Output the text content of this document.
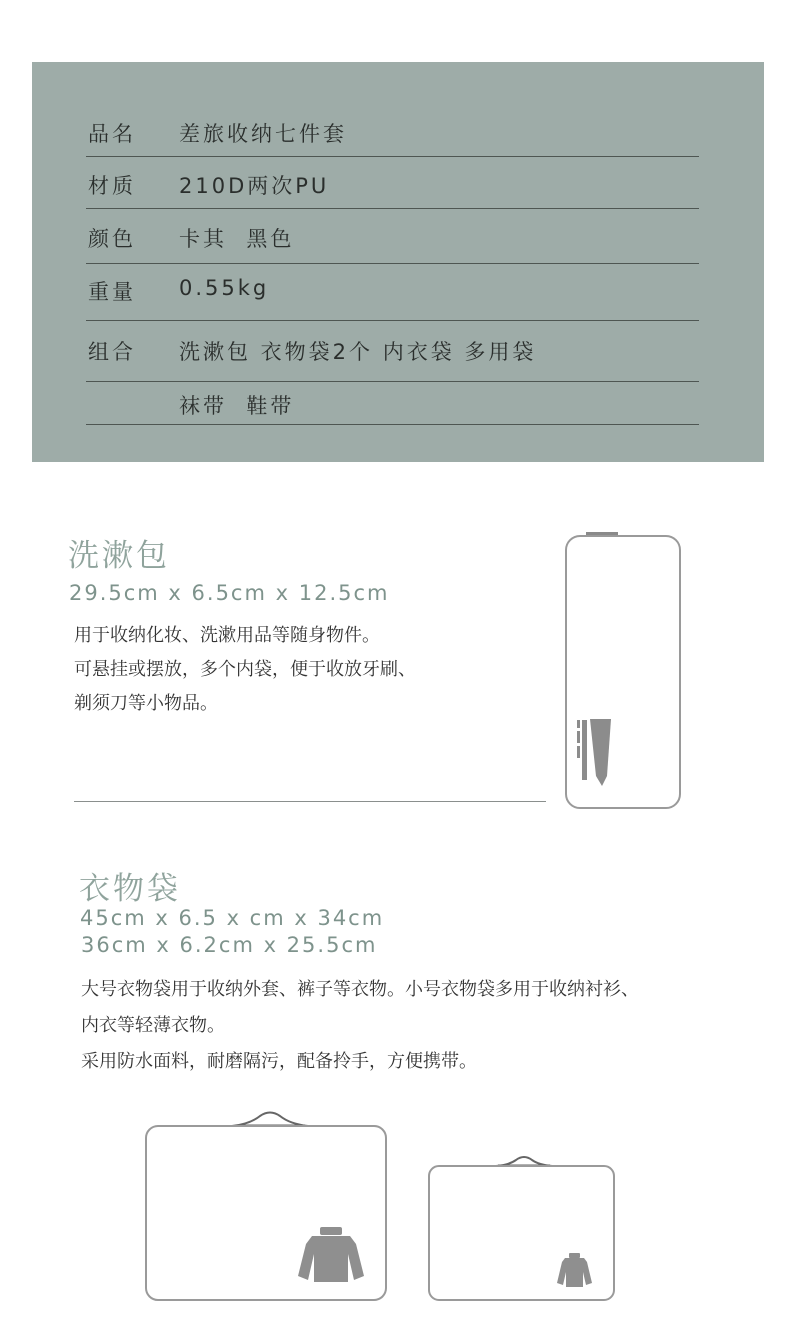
品名 差旅收纳七件套
材质 210D两次PU
颜色 卡其  黑色
重量 0.55kg
组合 洗漱包 衣物袋2个 内衣袋 多用袋
袜带  鞋带
洗漱包
29.5cm x 6.5cm x 12.5cm
用于收纳化妆、洗漱用品等随身物件。
可悬挂或摆放，多个内袋，便于收放牙刷、
剃须刀等小物品。
衣物袋
45cm x 6.5 x cm x 34cm
36cm x 6.2cm x 25.5cm
大号衣物袋用于收纳外套、裤子等衣物。小号衣物袋多用于收纳衬衫、
内衣等轻薄衣物。
采用防水面料，耐磨隔污，配备拎手，方便携带。
